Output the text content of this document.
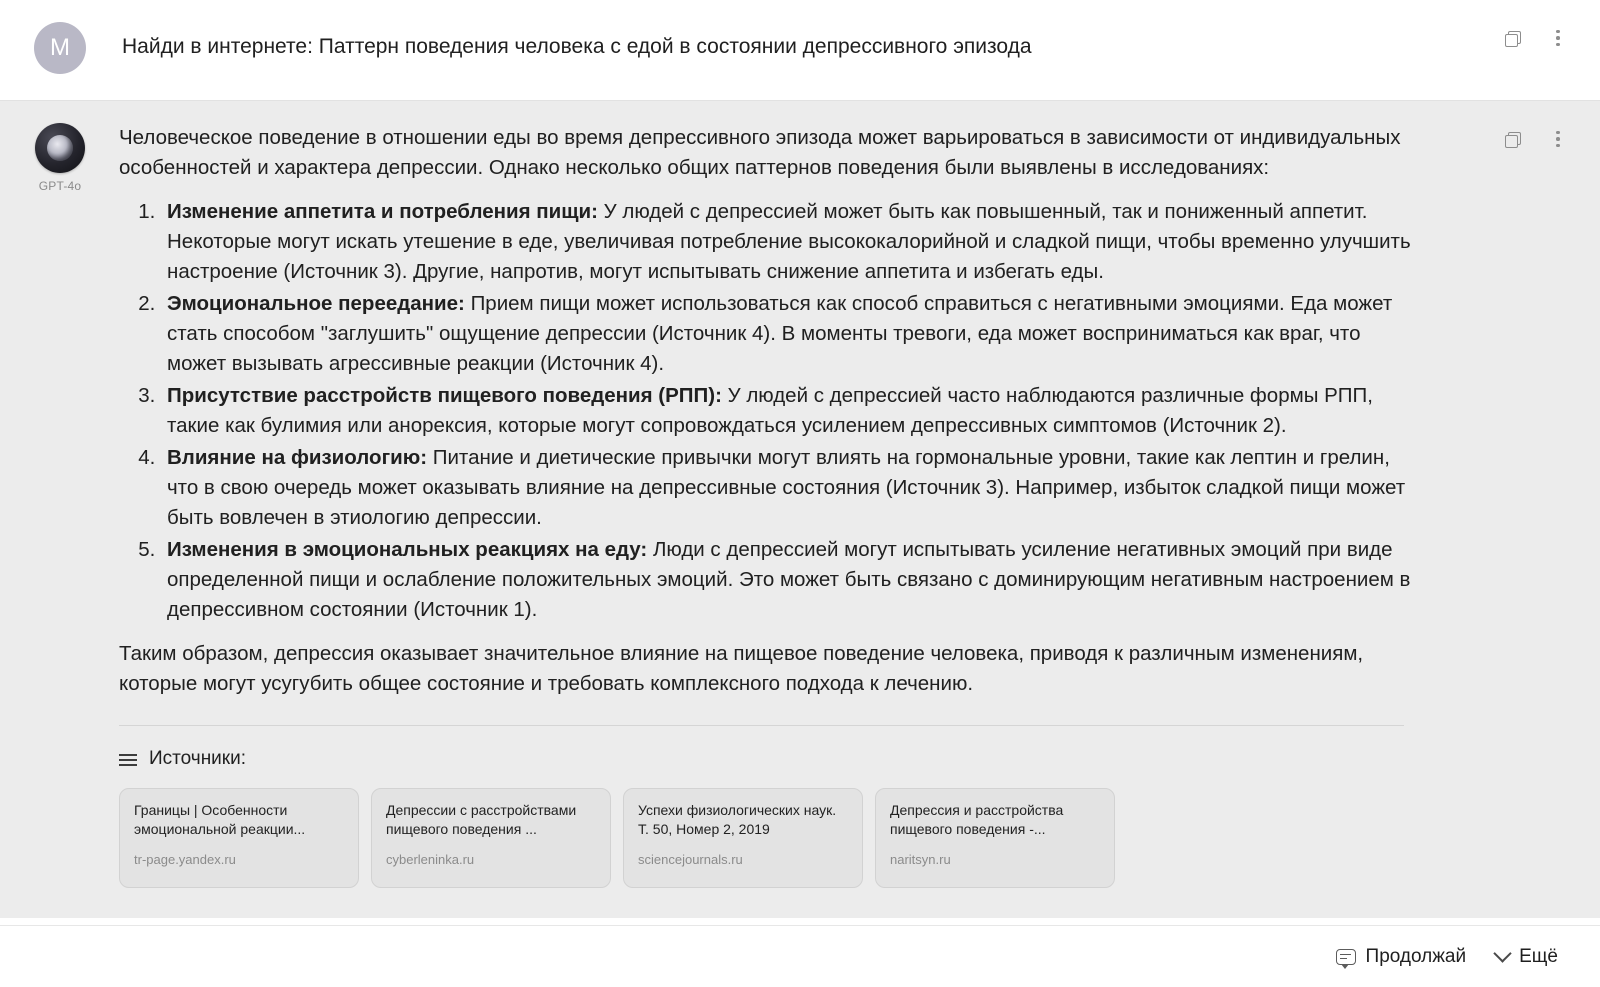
M	Найди в интернете: Паттерн поведения человека с едой в состоянии депрессивного эпизода
GPT-4o

Человеческое поведение в отношении еды во время депрессивного эпизода может варьироваться в зависимости от индивидуальных особенностей и характера депрессии. Однако несколько общих паттернов поведения были выявлены в исследованиях:

1. Изменение аппетита и потребления пищи: У людей с депрессией может быть как повышенный, так и пониженный аппетит. Некоторые могут искать утешение в еде, увеличивая потребление высококалорийной и сладкой пищи, чтобы временно улучшить настроение (Источник 3). Другие, напротив, могут испытывать снижение аппетита и избегать еды.
2. Эмоциональное переедание: Прием пищи может использоваться как способ справиться с негативными эмоциями. Еда может стать способом "заглушить" ощущение депрессии (Источник 4). В моменты тревоги, еда может восприниматься как враг, что может вызывать агрессивные реакции (Источник 4).
3. Присутствие расстройств пищевого поведения (РПП): У людей с депрессией часто наблюдаются различные формы РПП, такие как булимия или анорексия, которые могут сопровождаться усилением депрессивных симптомов (Источник 2).
4. Влияние на физиологию: Питание и диетические привычки могут влиять на гормональные уровни, такие как лептин и грелин, что в свою очередь может оказывать влияние на депрессивные состояния (Источник 3). Например, избыток сладкой пищи может быть вовлечен в этиологию депрессии.
5. Изменения в эмоциональных реакциях на еду: Люди с депрессией могут испытывать усиление негативных эмоций при виде определенной пищи и ослабление положительных эмоций. Это может быть связано с доминирующим негативным настроением в депрессивном состоянии (Источник 1).

Таким образом, депрессия оказывает значительное влияние на пищевое поведение человека, приводя к различным изменениям, которые могут усугубить общее состояние и требовать комплексного подхода к лечению.

Источники:
Границы | Особенности эмоциональной реакции...
tr-page.yandex.ru
Депрессии с расстройствами пищевого поведения ...
cyberleninka.ru
Успехи физиологических наук. Т. 50, Номер 2, 2019
sciencejournals.ru
Депрессия и расстройства пищевого поведения -...
naritsyn.ru
Продолжай	Ещё
